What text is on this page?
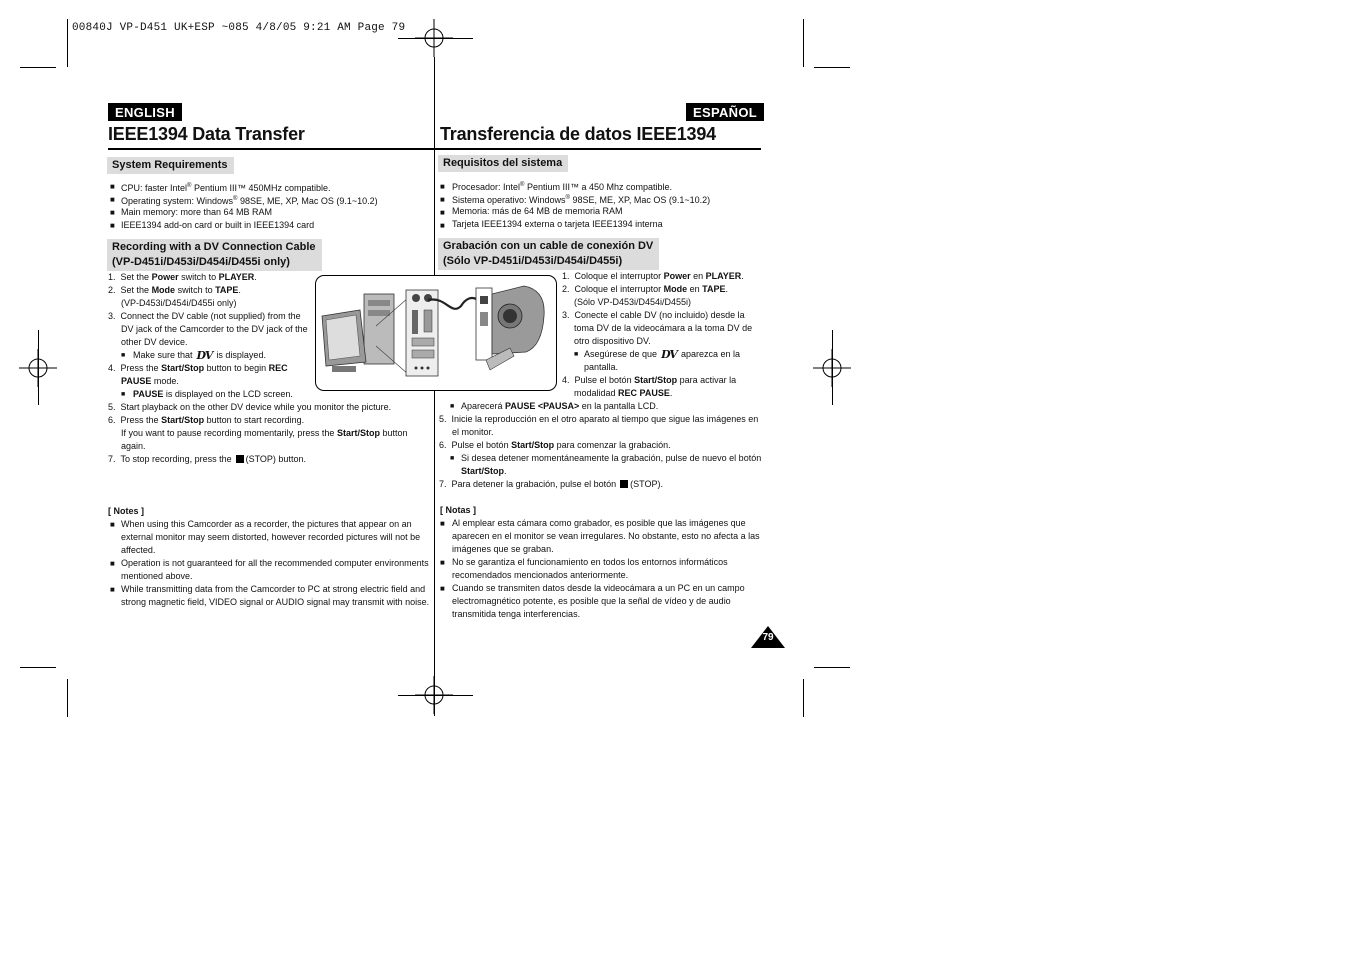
00840J VP-D451 UK+ESP ~085 4/8/05 9:21 AM Page 79
ENGLISH	ESPAÑOL
IEEE1394 Data Transfer	Transferencia de datos IEEE1394
System Requirements
■ CPU: faster Intel® Pentium III™ 450MHz compatible.
■ Operating system: Windows® 98SE, ME, XP, Mac OS (9.1~10.2)
■ Main memory: more than 64 MB RAM
■ IEEE1394 add-on card or built in IEEE1394 card
Recording with a DV Connection Cable
(VP-D451i/D453i/D454i/D455i only)
1. Set the Power switch to PLAYER.
2. Set the Mode switch to TAPE.
(VP-D453i/D454i/D455i only)
3. Connect the DV cable (not supplied) from the
DV jack of the Camcorder to the DV jack of the
other DV device.
■ Make sure that DV is displayed.
4. Press the Start/Stop button to begin REC
PAUSE mode.
■ PAUSE is displayed on the LCD screen.
5. Start playback on the other DV device while you monitor the picture.
6. Press the Start/Stop button to start recording.
If you want to pause recording momentarily, press the Start/Stop button
again.
7. To stop recording, press the (STOP) button.
[ Notes ]
■ When using this Camcorder as a recorder, the pictures that appear on an
external monitor may seem distorted, however recorded pictures will not be
affected.
■ Operation is not guaranteed for all the recommended computer environments
mentioned above.
■ While transmitting data from the Camcorder to PC at strong electric field and
strong magnetic field, VIDEO signal or AUDIO signal may transmit with noise.
Requisitos del sistema
■ Procesador: Intel® Pentium III™ a 450 Mhz compatible.
■ Sistema operativo: Windows® 98SE, ME, XP, Mac OS (9.1~10.2)
■ Memoria: más de 64 MB de memoria RAM
■ Tarjeta IEEE1394 externa o tarjeta IEEE1394 interna
Grabación con un cable de conexión DV
(Sólo VP-D451i/D453i/D454i/D455i)
1. Coloque el interruptor Power en PLAYER.
2. Coloque el interruptor Mode en TAPE.
(Sólo VP-D453i/D454i/D455i)
3. Conecte el cable DV (no incluido) desde la
toma DV de la videocámara a la toma DV de
otro dispositivo DV.
■ Asegúrese de que DV aparezca en la
pantalla.
4. Pulse el botón Start/Stop para activar la
modalidad REC PAUSE.
■ Aparecerá PAUSE <PAUSA> en la pantalla LCD.
5. Inicie la reproducción en el otro aparato al tiempo que sigue las imágenes en
el monitor.
6. Pulse el botón Start/Stop para comenzar la grabación.
■ Si desea detener momentáneamente la grabación, pulse de nuevo el botón
Start/Stop.
7. Para detener la grabación, pulse el botón (STOP).
[ Notas ]
■ Al emplear esta cámara como grabador, es posible que las imágenes que
aparecen en el monitor se vean irregulares. No obstante, esto no afecta a las
imágenes que se graban.
■ No se garantiza el funcionamiento en todos los entornos informáticos
recomendados mencionados anteriormente.
■ Cuando se transmiten datos desde la videocámara a un PC en un campo
electromagnético potente, es posible que la señal de vídeo y de audio
transmitida tenga interferencias.
79
